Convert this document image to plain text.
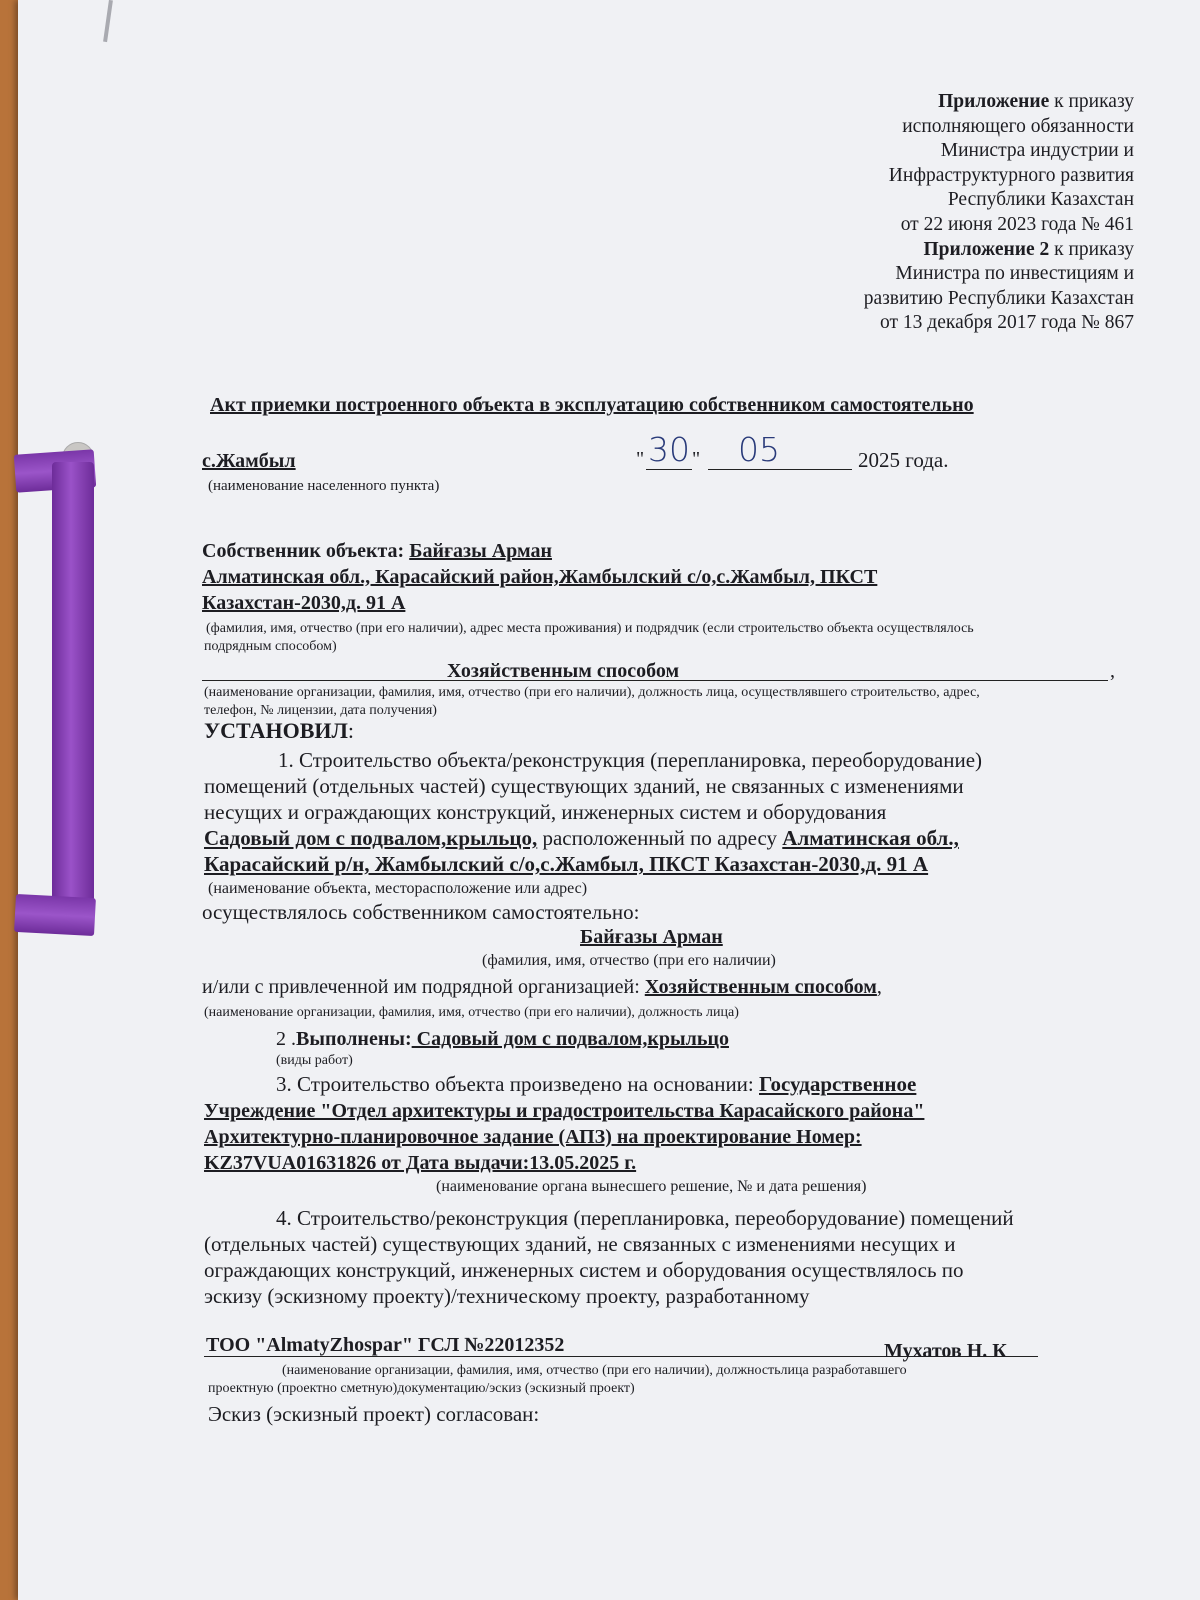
Приложение к приказу
исполняющего обязанности
Министра индустрии и
Инфраструктурного развития
Республики Казахстан
от 22 июня 2023 года № 461
Приложение 2 к приказу
Министра по инвестициям и
развитию Республики Казахстан
от 13 декабря 2017 года № 867
Акт приемки построенного объекта в эксплуатацию собственником самостоятельно
с.Жамбыл
(наименование населенного пункта)
" 30 "	05	2025 года.
Собственник объекта: Байғазы Арман
Алматинская обл., Карасайский район,Жамбылский с/о,с.Жамбыл, ПКСТ
Казахстан-2030,д. 91 А
(фамилия, имя, отчество (при его наличии), адрес места проживания) и подрядчик (если строительство объекта осуществлялось
подрядным способом)
Хозяйственным способом	,
(наименование организации, фамилия, имя, отчество (при его наличии), должность лица, осуществлявшего строительство, адрес,
телефон, № лицензии, дата получения)
УСТАНОВИЛ:
1. Строительство объекта/реконструкция (перепланировка, переоборудование)
помещений (отдельных частей) существующих зданий, не связанных с изменениями
несущих и ограждающих конструкций, инженерных систем и оборудования
Садовый дом с подвалом,крыльцо, расположенный по адресу Алматинская обл.,
Карасайский р/н, Жамбылский с/о,с.Жамбыл, ПКСТ Казахстан-2030,д. 91 А
(наименование объекта, месторасположение или адрес)
осуществлялось собственником самостоятельно:
Байғазы Арман
(фамилия, имя, отчество (при его наличии)
и/или с привлеченной им подрядной организацией: Хозяйственным способом,
(наименование организации, фамилия, имя, отчество (при его наличии), должность лица)
2 .Выполнены: Садовый дом с подвалом,крыльцо
(виды работ)
3. Строительство объекта произведено на основании: Государственное
Учреждение "Отдел архитектуры и градостроительства Карасайского района"
Архитектурно-планировочное задание (АПЗ) на проектирование Номер:
KZ37VUA01631826 от Дата выдачи:13.05.2025 г.
(наименование органа вынесшего решение, № и дата решения)
4. Строительство/реконструкция (перепланировка, переоборудование) помещений
(отдельных частей) существующих зданий, не связанных с изменениями несущих и
ограждающих конструкций, инженерных систем и оборудования осуществлялось по
эскизу (эскизному проекту)/техническому проекту, разработанному
ТОО "AlmatyZhospar" ГСЛ №22012352	Мухатов Н. К
(наименование организации, фамилия, имя, отчество (при его наличии), должностьлица разработавшего
проектную (проектно сметную)документацию/эскиз (эскизный проект)
Эскиз (эскизный проект) согласован:
